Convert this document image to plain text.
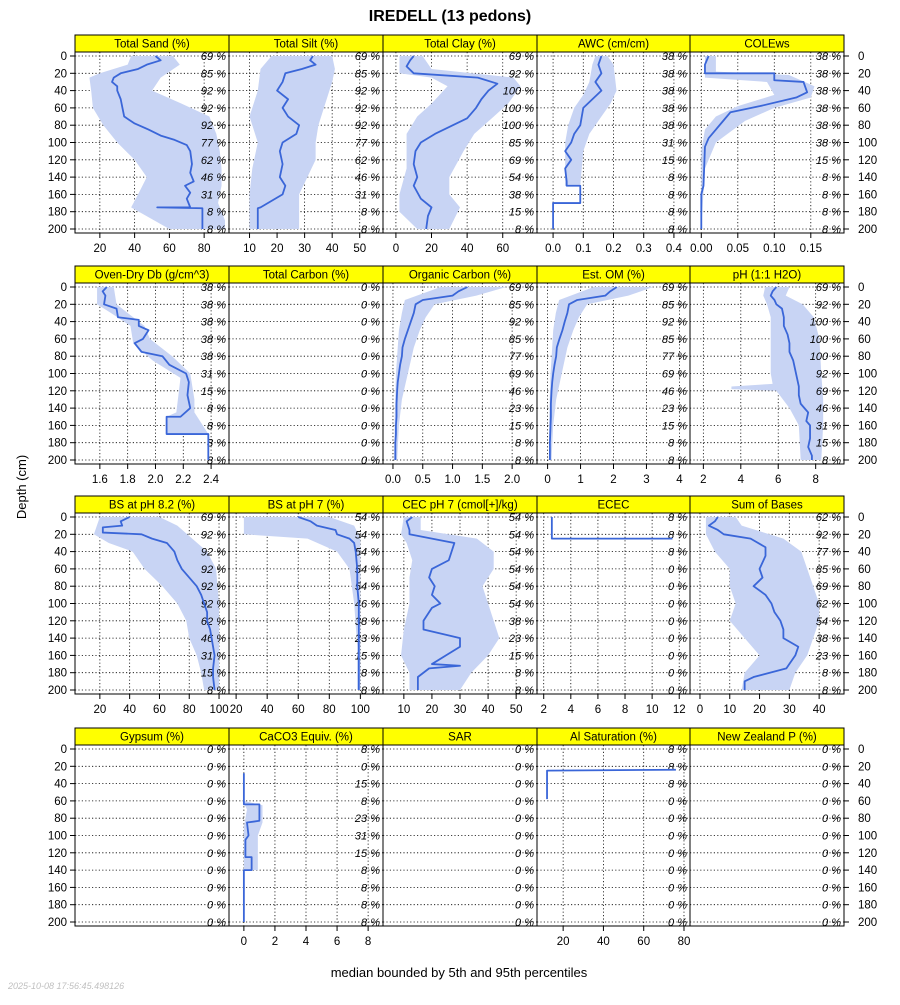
IREDELL (13 pedons)
Depth (cm)
median bounded by 5th and 95th percentiles
2025-10-08 17:56:45.498126
Total Sand (%)
69 %
85 %
92 %
92 %
92 %
77 %
62 %
46 %
31 %
8 %
8 %
20 40 60 80
0
20
40
60
80
100
120
140
160
180
200
Total Silt (%)
69 %
85 %
92 %
92 %
92 %
77 %
62 %
46 %
31 %
8 %
8 %
10 20 30 40 50
Total Clay (%)
69 %
92 %
100 %
100 %
100 %
85 %
69 %
54 %
38 %
15 %
8 %
0 20 40 60
AWC (cm/cm)
38 %
38 %
38 %
38 %
38 %
31 %
15 %
8 %
8 %
8 %
8 %
0.0 0.1 0.2 0.3 0.4
COLEws
38 %
38 %
38 %
38 %
38 %
38 %
15 %
8 %
8 %
8 %
8 %
0.00 0.05 0.10 0.15
0
20
40
60
80
100
120
140
160
180
200
Oven-Dry Db (g/cm^3)
38 %
38 %
38 %
38 %
38 %
31 %
15 %
8 %
8 %
8 %
8 %
1.6 1.8 2.0 2.2 2.4
0
20
40
60
80
100
120
140
160
180
200
Total Carbon (%)
0 %
0 %
0 %
0 %
0 %
0 %
0 %
0 %
0 %
0 %
0 %
Organic Carbon (%)
69 %
85 %
92 %
85 %
77 %
69 %
46 %
23 %
15 %
8 %
8 %
0.0 0.5 1.0 1.5 2.0
Est. OM (%)
69 %
85 %
92 %
85 %
77 %
69 %
46 %
23 %
15 %
8 %
8 %
0 1 2 3 4
pH (1:1 H2O)
69 %
92 %
100 %
100 %
100 %
92 %
69 %
46 %
31 %
15 %
8 %
2	4	6	8
0
20
40
60
80
100
120
140
160
180
200
BS at pH 8.2 (%)
69 %
92 %
92 %
92 %
92 %
92 %
62 %
46 %
31 %
15 %
8 %
20 40 60 80 100
0
20
40
60
80
100
120
140
160
180
200
BS at pH 7 (%)
54 %
54 %
54 %
54 %
54 %
46 %
38 %
23 %
15 %
8 %
8 %
20 40 60 80 100
CEC pH 7 (cmol[+]/kg)
54 %
54 %
54 %
54 %
54 %
54 %
38 %
23 %
15 %
8 %
8 %
10 20 30 40 50
ECEC
8 %
8 %
8 %
0 %
0 %
0 %
0 %
0 %
0 %
0 %
0 %
2 4 6 8 10 12
Sum of Bases
62 %
92 %
77 %
85 %
69 %
62 %
54 %
38 %
23 %
8 %
8 %
0 10 20 30 40
0
20
40
60
80
100
120
140
160
180
200
Gypsum (%)
0 %
0 %
0 %
0 %
0 %
0 %
0 %
0 %
0 %
0 %
0 %
0
20
40
60
80
100
120
140
160
180
200
CaCO3 Equiv. (%)
8 %
0 %
15 %
8 %
23 %
31 %
15 %
8 %
8 %
8 %
8 %
0 2 4 6 8
SAR
0 %
0 %
0 %
0 %
0 %
0 %
0 %
0 %
0 %
0 %
0 %
Al Saturation (%)
8 %
8 %
8 %
0 %
0 %
0 %
0 %
0 %
0 %
0 %
0 %
20 40 60 80
New Zealand P (%)
0 %
0 %
0 %
0 %
0 %
0 %
0 %
0 %
0 %
0 %
0 %
0
20
40
60
80
100
120
140
160
180
200
